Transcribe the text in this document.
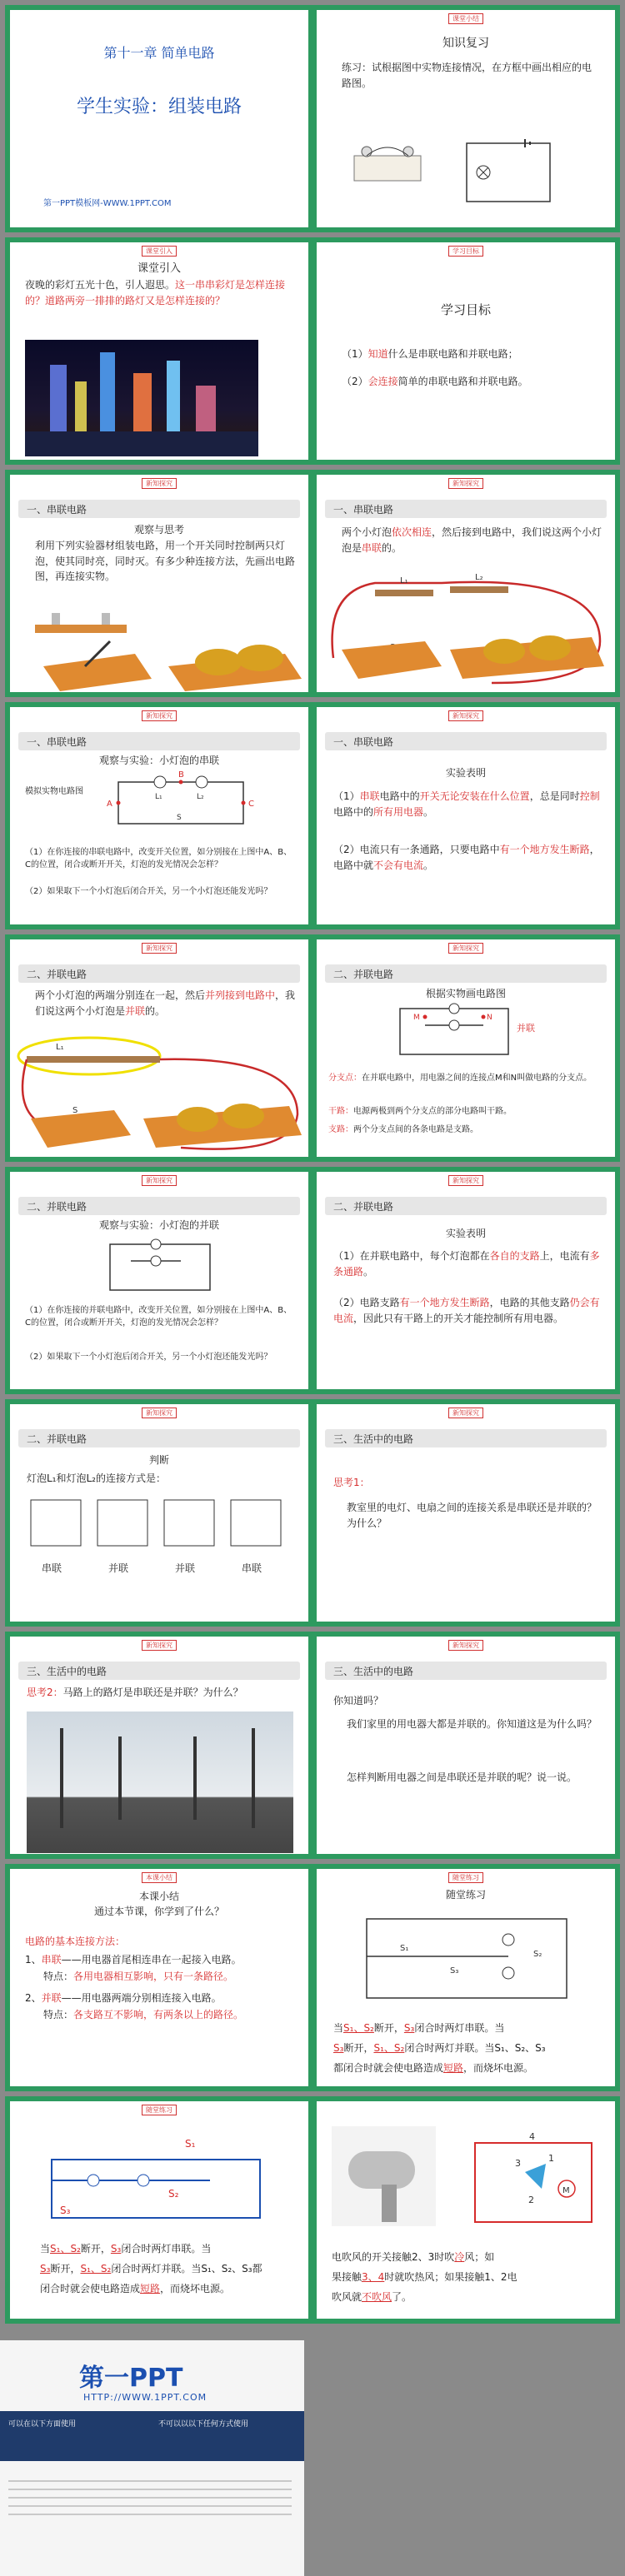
第十一章 简单电路
学生实验：组装电路
第一PPT模板网-WWW.1PPT.COM
课堂小结
知识复习
练习：试根据图中实物连接情况，在方框中画出相应的电路图。
课堂引入
课堂引入
夜晚的彩灯五光十色，引人遐思。这一串串彩灯是怎样连接的？道路两旁一排排的路灯又是怎样连接的？
学习目标
学习目标
（1）知道什么是串联电路和并联电路；
（2）会连接简单的串联电路和并联电路。
新知探究
一、串联电路
观察与思考
利用下列实验器材组装电路，用一个开关同时控制两只灯泡，使其同时亮，同时灭。有多少种连接方法，先画出电路图，再连接实物。
新知探究
一、串联电路
两个小灯泡依次相连，然后接到电路中，我们说这两个小灯泡是串联的。
L₁	L₂
新知探究
一、串联电路
观察与实验：小灯泡的串联
模拟实物电路图
A
B
C
L₁	L₂
S
（1）在你连接的串联电路中，改变开关位置，如分别接在上图中A、B、C的位置，闭合或断开开关，灯泡的发光情况会怎样？
（2）如果取下一个小灯泡后闭合开关，另一个小灯泡还能发光吗？
新知探究
一、串联电路
实验表明
（1）串联电路中的开关无论安装在什么位置，总是同时控制电路中的所有用电器。
（2）电流只有一条通路，只要电路中有一个地方发生断路，电路中就不会有电流。
新知探究
二、并联电路
两个小灯泡的两端分别连在一起，然后并列接到电路中，我们说这两个小灯泡是并联的。
L₁
S
新知探究
二、并联电路
根据实物画电路图
M	N
并联
分支点：在并联电路中，用电器之间的连接点M和N叫做电路的分支点。
干路：电源两极到两个分支点的部分电路叫干路。
支路：两个分支点间的各条电路是支路。
新知探究
二、并联电路
观察与实验：小灯泡的并联
（1）在你连接的并联电路中，改变开关位置，如分别接在上图中A、B、C的位置，闭合或断开开关，灯泡的发光情况会怎样？
（2）如果取下一个小灯泡后闭合开关，另一个小灯泡还能发光吗？
新知探究
二、并联电路
实验表明
（1）在并联电路中，每个灯泡都在各自的支路上，电流有多条通路。
（2）电路支路有一个地方发生断路，电路的其他支路仍会有电流，因此只有干路上的开关才能控制所有用电器。
新知探究
二、并联电路
判断
灯泡L₁和灯泡L₂的连接方式是：
串联	并联	并联	串联
新知探究
三、生活中的电路
思考1：
教室里的电灯、电扇之间的连接关系是串联还是并联的？为什么？
新知探究
三、生活中的电路
思考2：马路上的路灯是串联还是并联？为什么？
新知探究
三、生活中的电路
你知道吗？
我们家里的用电器大都是并联的。你知道这是为什么吗？
怎样判断用电器之间是串联还是并联的呢？说一说。
本课小结
本课小结
通过本节课，你学到了什么？
电路的基本连接方法：
1、串联——用电器首尾相连串在一起接入电路。
特点：各用电器相互影响，只有一条路径。
2、并联——用电器两端分别相连接入电路。
特点：各支路互不影响，有两条以上的路径。
随堂练习
随堂练习
S₁
S₃
S₂
当S₁、S₂断开，S₃闭合时两灯串联。当
S₃断开，S₁、S₂闭合时两灯并联。当S₁、S₂、S₃
都闭合时就会使电路造成短路，而烧坏电源。
随堂练习
S₁
S₂
S₃
当S₁、S₂断开，S₃闭合时两灯串联。当
S₃断开，S₁、S₂闭合时两灯并联。当S₁、S₂、S₃都
闭合时就会使电路造成短路，而烧坏电源。
M
4
3
2
1
电吹风的开关接触2、3时吹冷风；如
果接触3、4时就吹热风；如果接触1、2电
吹风就不吹风了。
第一PPT
HTTP://WWW.1PPT.COM
可以在以下方面使用	不可以以以下任何方式使用
